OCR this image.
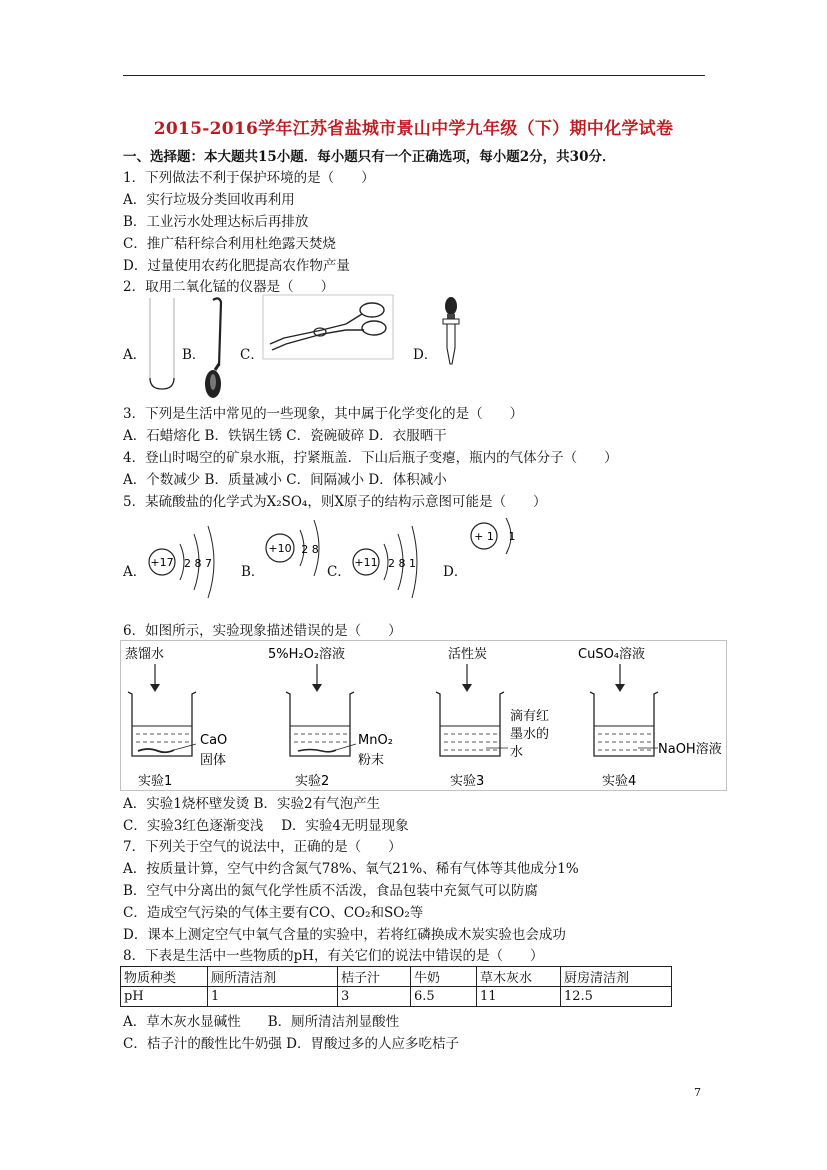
2015-2016学年江苏省盐城市景山中学九年级（下）期中化学试卷
一、选择题：本大题共15小题．每小题只有一个正确选项，每小题2分，共30分．
1．下列做法不利于保护环境的是（　　）
A．实行垃圾分类回收再利用
B．工业污水处理达标后再排放
C．推广秸秆综合利用杜绝露天焚烧
D．过量使用农药化肥提高农作物产量
2．取用二氧化锰的仪器是（　　）
A．	B．	C．	D．
3．下列是生活中常见的一些现象，其中属于化学变化的是（　　）
A．石蜡熔化 B．铁锅生锈 C．瓷碗破碎 D．衣服晒干
4．登山时喝空的矿泉水瓶，拧紧瓶盖．下山后瓶子变瘪，瓶内的气体分子（　　）
A．个数减少 B．质量减小 C．间隔减小 D．体积减小
5．某硫酸盐的化学式为X₂SO₄，则X原子的结构示意图可能是（　　）
A．
+17 2 8 7
B．
+10 2 8
C．
+11 2 8 1
D．
+ 1 1
6．如图所示，实验现象描述错误的是（　　）
蒸馏水
CaO
固体
实验1
5%H₂O₂溶液
MnO₂
粉末
实验2
活性炭
滴有红
墨水的
水
实验3
CuSO₄溶液
NaOH溶液
实验4
A．实验1烧杯壁发烫 B．实验2有气泡产生
C．实验3红色逐渐变浅　 D．实验4无明显现象
7．下列关于空气的说法中，正确的是（　　）
A．按质量计算，空气中约含氮气78%、氧气21%、稀有气体等其他成分1%
B．空气中分离出的氮气化学性质不活泼，食品包装中充氮气可以防腐
C．造成空气污染的气体主要有CO、CO₂和SO₂等
D．课本上测定空气中氧气含量的实验中，若将红磷换成木炭实验也会成功
8．下表是生活中一些物质的pH，有关它们的说法中错误的是（　　）
物质种类	厕所清洁剂	桔子汁	牛奶	草木灰水	厨房清洁剂
pH	1	3	6.5	11	12.5
A．草木灰水显碱性　　B．厕所清洁剂显酸性
C．桔子汁的酸性比牛奶强 D．胃酸过多的人应多吃桔子
7
